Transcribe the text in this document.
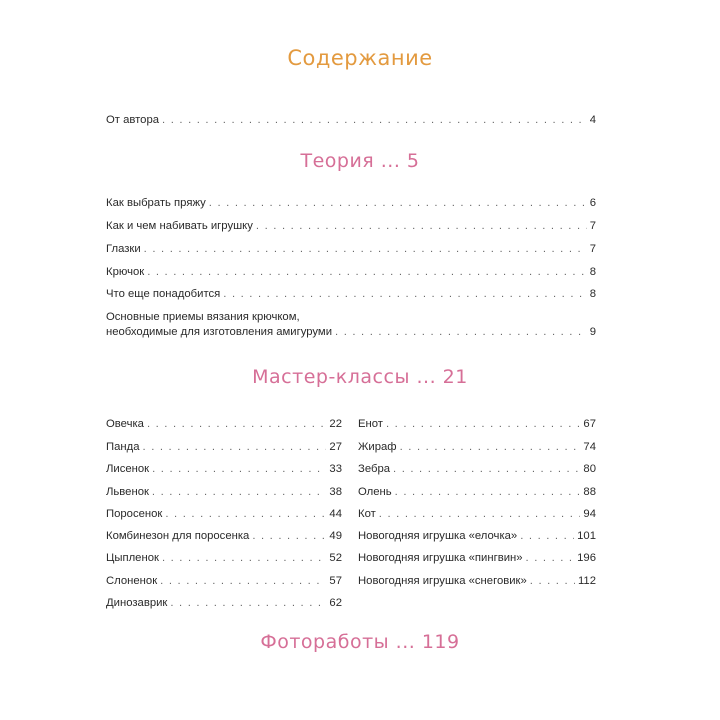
Содержание
От автора . . .	4
Теория ... 5
Как выбрать пряжу . . .	6
Как и чем набивать игрушку . . .	7
Глазки . . .	7
Крючок . . .	8
Что еще понадобится . . .	8
Основные приемы вязания крючком,
необходимые для изготовления амигуруми . . .	9
Мастер-классы ... 21
Овечка . . .	22
Панда . . .	27
Лисенок . . .	33
Львенок . . .	38
Поросенок . . .	44
Комбинезон для поросенка . . .	49
Цыпленок . . .	52
Слоненок . . .	57
Динозаврик . . .	62
Енот . . .	67
Жираф . . .	74
Зебра . . .	80
Олень . . .	88
Кот . . .	94
Новогодняя игрушка «елочка» . . .	101
Новогодняя игрушка «пингвин» . . .	196
Новогодняя игрушка «снеговик» . . .	112
Фотоработы ... 119
